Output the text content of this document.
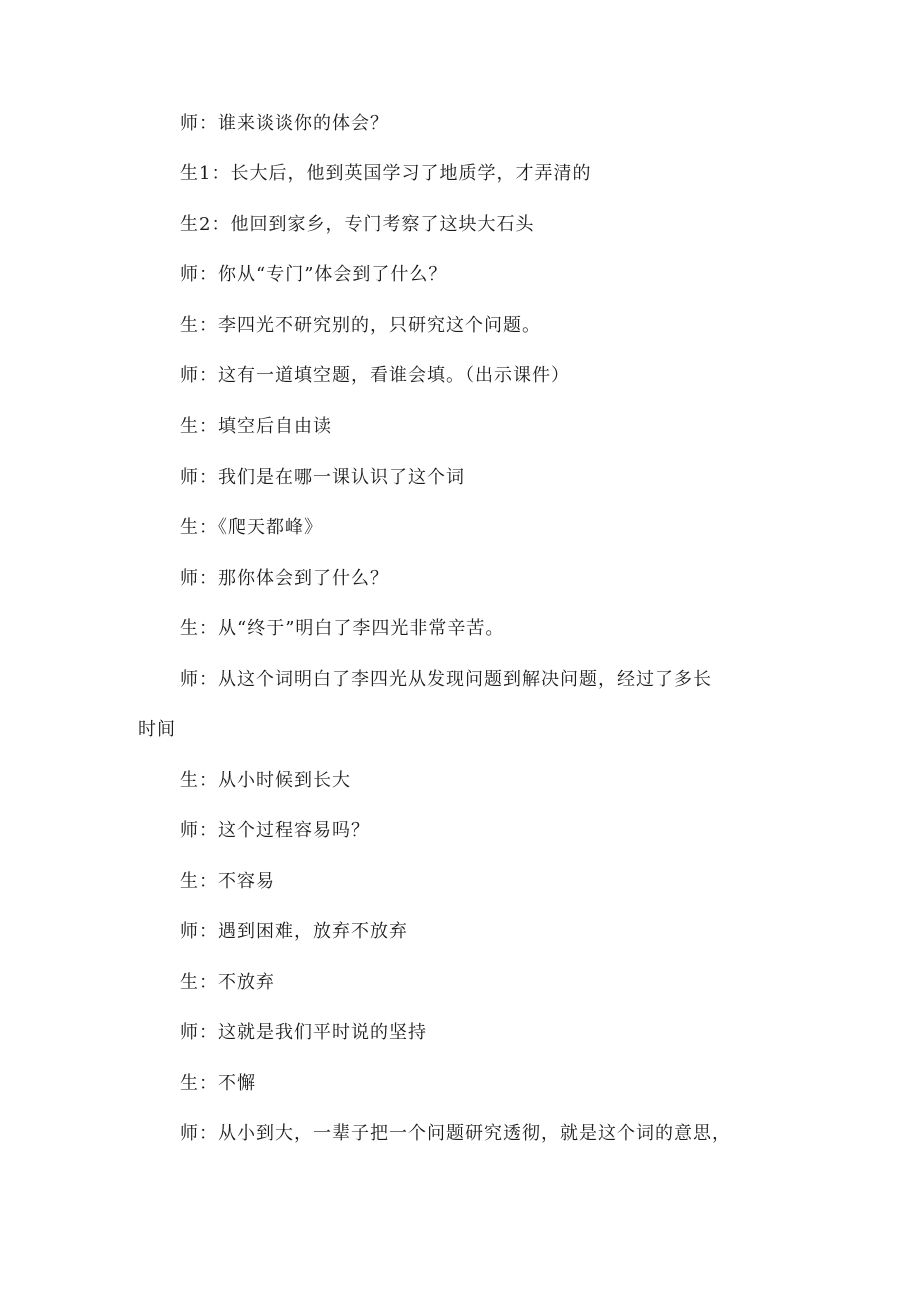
师：谁来谈谈你的体会？

生1：长大后，他到英国学习了地质学，才弄清的

生2：他回到家乡，专门考察了这块大石头

师：你从“专门”体会到了什么？

生：李四光不研究别的，只研究这个问题。

师：这有一道填空题，看谁会填。（出示课件）

生：填空后自由读

师：我们是在哪一课认识了这个词

生：《爬天都峰》

师：那你体会到了什么？

生：从“终于”明白了李四光非常辛苦。

师：从这个词明白了李四光从发现问题到解决问题，经过了多长

时间

生：从小时候到长大

师：这个过程容易吗？

生：不容易

师：遇到困难，放弃不放弃

生：不放弃

师：这就是我们平时说的坚持

生：不懈

师：从小到大，一辈子把一个问题研究透彻，就是这个词的意思，
